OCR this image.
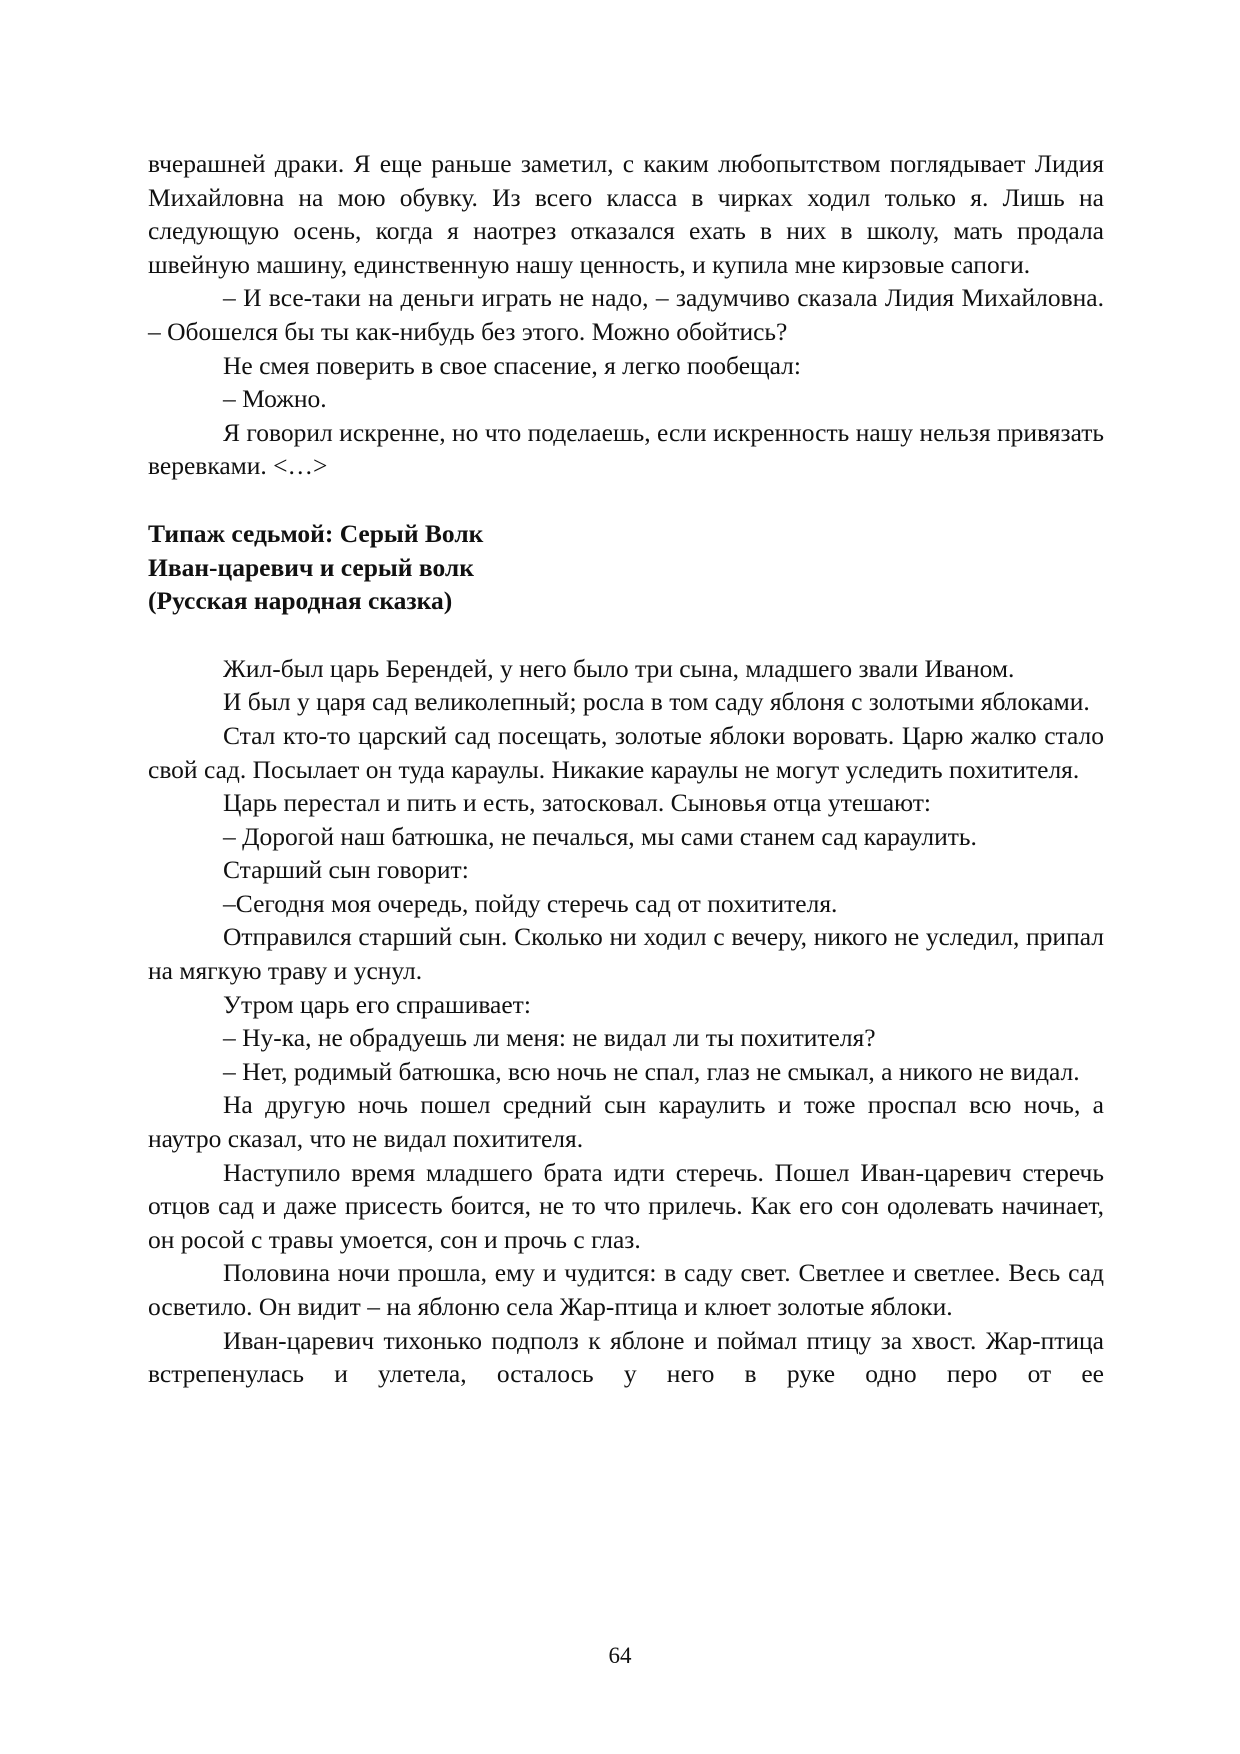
вчерашней драки. Я еще раньше заметил, с каким любопытством поглядывает Лидия Михайловна на мою обувку. Из всего класса в чирках ходил только я. Лишь на следующую осень, когда я наотрез отказался ехать в них в школу, мать продала швейную машину, единственную нашу ценность, и купила мне кирзовые сапоги.

– И все-таки на деньги играть не надо, – задумчиво сказала Лидия Михайловна. – Обошелся бы ты как-нибудь без этого. Можно обойтись?

Не смея поверить в свое спасение, я легко пообещал:

– Можно.

Я говорил искренне, но что поделаешь, если искренность нашу нельзя привязать веревками. <…>

Типаж седьмой: Серый Волк

Иван-царевич и серый волк

(Русская народная сказка)

Жил-был царь Берендей, у него было три сына, младшего звали Иваном.

И был у царя сад великолепный; росла в том саду яблоня с золотыми яблоками.

Стал кто-то царский сад посещать, золотые яблоки воровать. Царю жалко стало свой сад. Посылает он туда караулы. Никакие караулы не могут уследить похитителя.

Царь перестал и пить и есть, затосковал. Сыновья отца утешают:

– Дорогой наш батюшка, не печалься, мы сами станем сад караулить.

Старший сын говорит:

–Сегодня моя очередь, пойду стеречь сад от похитителя.

Отправился старший сын. Сколько ни ходил с вечеру, никого не уследил, припал на мягкую траву и уснул.

Утром царь его спрашивает:

– Ну-ка, не обрадуешь ли меня: не видал ли ты похитителя?

– Нет, родимый батюшка, всю ночь не спал, глаз не смыкал, а никого не видал.

На другую ночь пошел средний сын караулить и тоже проспал всю ночь, а наутро сказал, что не видал похитителя.

Наступило время младшего брата идти стеречь. Пошел Иван-царевич стеречь отцов сад и даже присесть боится, не то что прилечь. Как его сон одолевать начинает, он росой с травы умоется, сон и прочь с глаз.

Половина ночи прошла, ему и чудится: в саду свет. Светлее и светлее. Весь сад осветило. Он видит – на яблоню села Жар-птица и клюет золотые яблоки.

Иван-царевич тихонько подполз к яблоне и поймал птицу за хвост. Жар-птица встрепенулась и улетела, осталось у него в руке одно перо от ее

64
